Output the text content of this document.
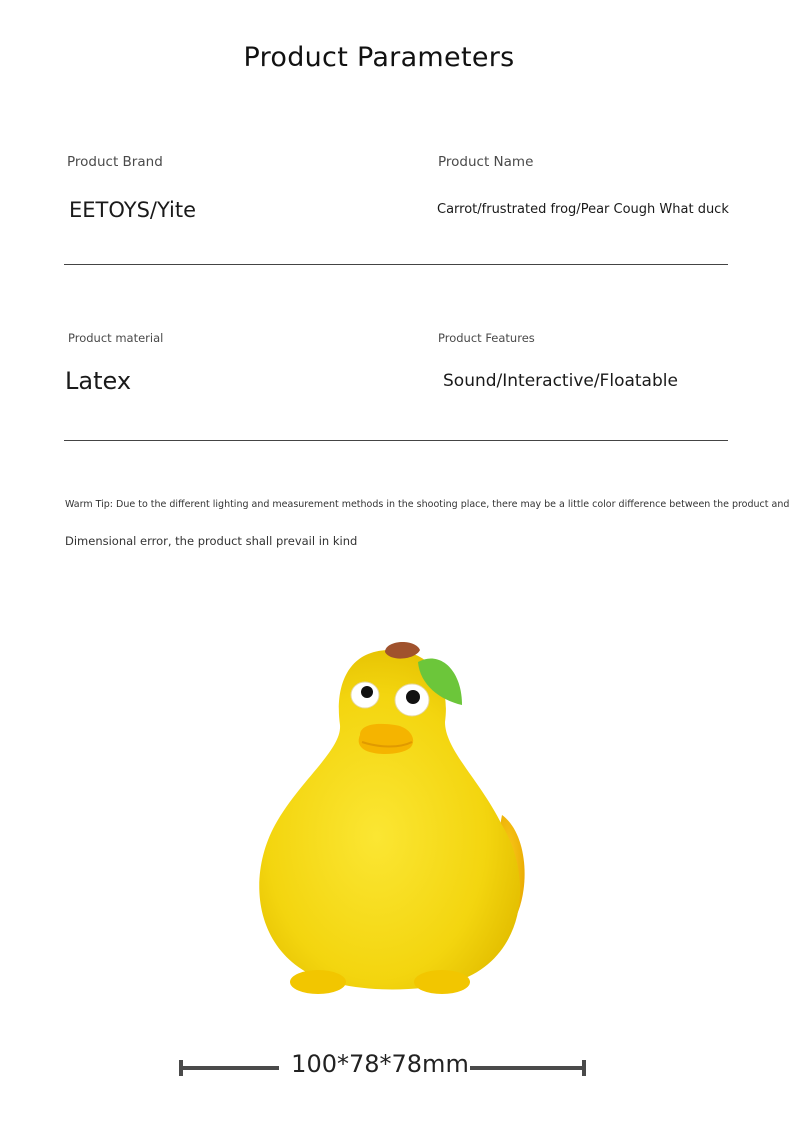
Product Parameters
Product Brand
EETOYS/Yite
Product Name
Carrot/frustrated frog/Pear Cough What duck
Product material
Latex
Product Features
Sound/Interactive/Floatable
Warm Tip: Due to the different lighting and measurement methods in the shooting place, there may be a little color difference between the product and
Dimensional error, the product shall prevail in kind
100*78*78mm
